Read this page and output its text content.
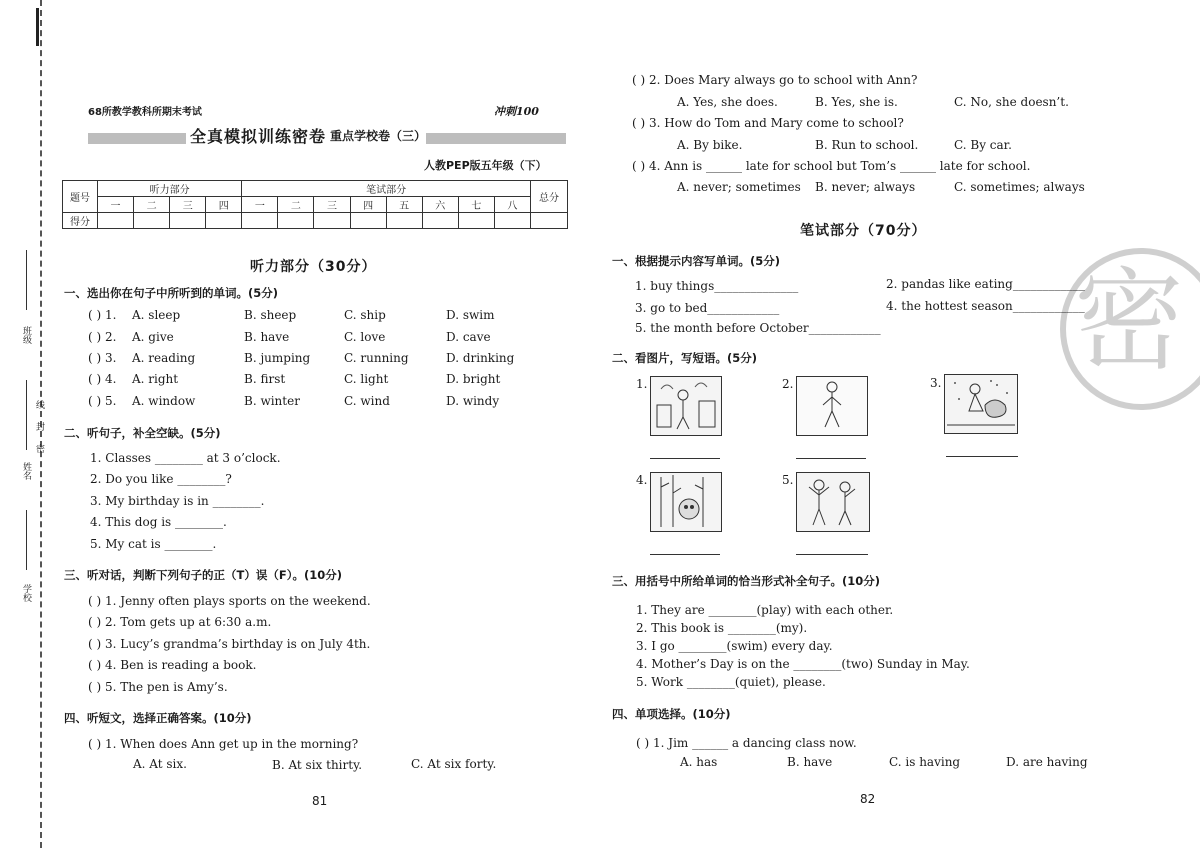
班级
姓名
学校
密
封
线
68所教学教科所期末考试	冲刺100
全真模拟训练密卷 重点学校卷（三）
人教PEP版五年级（下）
题号	听力部分				笔试部分								总分
	一	二	三	四	一	二	三	四	五	六	七	八	
得分													
听力部分（30分）
一、选出你在句子中所听到的单词。(5分)
( ) 1. A. sleep	B. sheep	C. ship	D. swim
( ) 2. A. give	B. have	C. love	D. cave
( ) 3. A. reading	B. jumping	C. running	D. drinking
( ) 4. A. right	B. first	C. light	D. bright
( ) 5. A. window	B. winter	C. wind	D. windy
二、听句子，补全空缺。(5分)
1. Classes ________ at 3 o’clock.
2. Do you like ________?
3. My birthday is in ________.
4. This dog is ________.
5. My cat is ________.
三、听对话，判断下列句子的正（T）误（F）。(10分)
( ) 1. Jenny often plays sports on the weekend.
( ) 2. Tom gets up at 6:30 a.m.
( ) 3. Lucy’s grandma’s birthday is on July 4th.
( ) 4. Ben is reading a book.
( ) 5. The pen is Amy’s.
四、听短文，选择正确答案。(10分)
( ) 1. When does Ann get up in the morning?
A. At six.	B. At six thirty.	C. At six forty.
81
( ) 2. Does Mary always go to school with Ann?
A. Yes, she does.	B. Yes, she is.	C. No, she doesn’t.
( ) 3. How do Tom and Mary come to school?
A. By bike.	B. Run to school.	C. By car.
( ) 4. Ann is ______ late for school but Tom’s ______ late for school.
A. never; sometimes B. never; always	C. sometimes; always
笔试部分（70分）
密
一、根据提示内容写单词。(5分)
1. buy things______________	2. pandas like eating____________
3. go to bed____________	4. the hottest season____________
5. the month before October____________
二、看图片，写短语。(5分)
1.	2.	3.
4.	5.
三、用括号中所给单词的恰当形式补全句子。(10分)
1. They are ________(play) with each other.
2. This book is ________(my).
3. I go ________(swim) every day.
4. Mother’s Day is on the ________(two) Sunday in May.
5. Work ________(quiet), please.
四、单项选择。(10分)
( ) 1. Jim ______ a dancing class now.
A. has	B. have	C. is having	D. are having
82
